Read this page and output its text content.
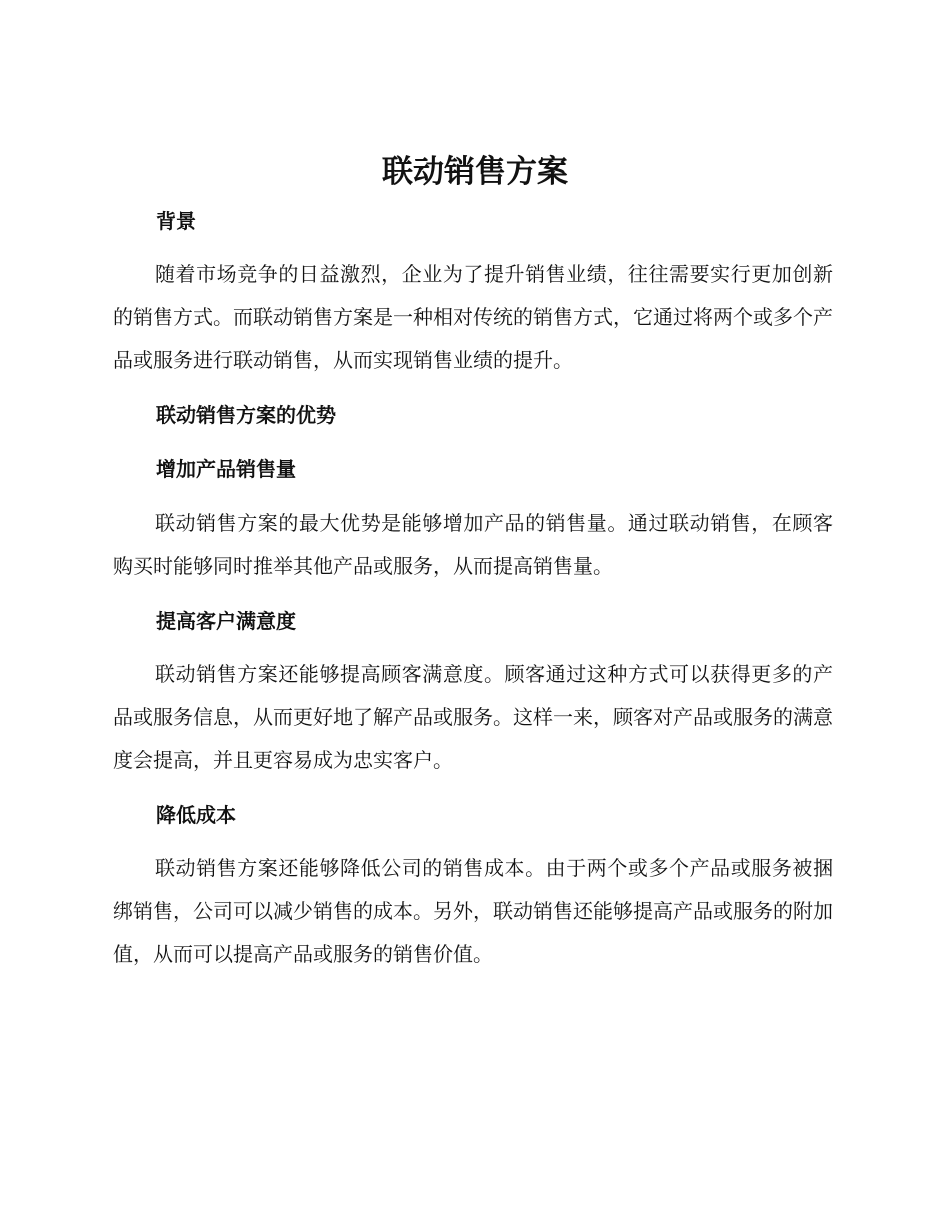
联动销售方案
背景

随着市场竞争的日益激烈，企业为了提升销售业绩，往往需要实行更加创新的销售方式。而联动销售方案是一种相对传统的销售方式，它通过将两个或多个产品或服务进行联动销售，从而实现销售业绩的提升。

联动销售方案的优势
增加产品销售量

联动销售方案的最大优势是能够增加产品的销售量。通过联动销售，在顾客购买时能够同时推举其他产品或服务，从而提高销售量。

提高客户满意度

联动销售方案还能够提高顾客满意度。顾客通过这种方式可以获得更多的产品或服务信息，从而更好地了解产品或服务。这样一来，顾客对产品或服务的满意度会提高，并且更容易成为忠实客户。

降低成本

联动销售方案还能够降低公司的销售成本。由于两个或多个产品或服务被捆绑销售，公司可以减少销售的成本。另外，联动销售还能够提高产品或服务的附加值，从而可以提高产品或服务的销售价值。
